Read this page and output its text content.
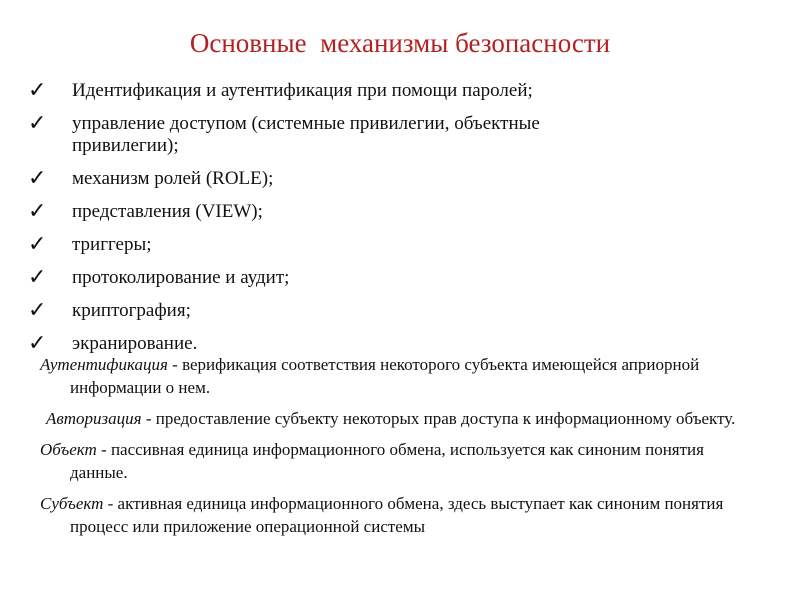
Основные  механизмы безопасности
✓	Идентификация и аутентификация при помощи паролей;
✓	управление доступом (системные привилегии, объектные привилегии);
✓	механизм ролей (ROLE);
✓	представления (VIEW);
✓	триггеры;
✓	протоколирование и аудит;
✓	криптография;
✓	экранирование.
Аутентификация - верификация соответствия некоторого субъекта имеющейся априорной информации о нем.
Авторизация - предоставление субъекту некоторых прав доступа к информационному объекту.
Объект - пассивная единица информационного обмена, используется как синоним понятия данные.
Субъект - активная единица информационного обмена, здесь выступает как синоним понятия процесс или приложение операционной системы
